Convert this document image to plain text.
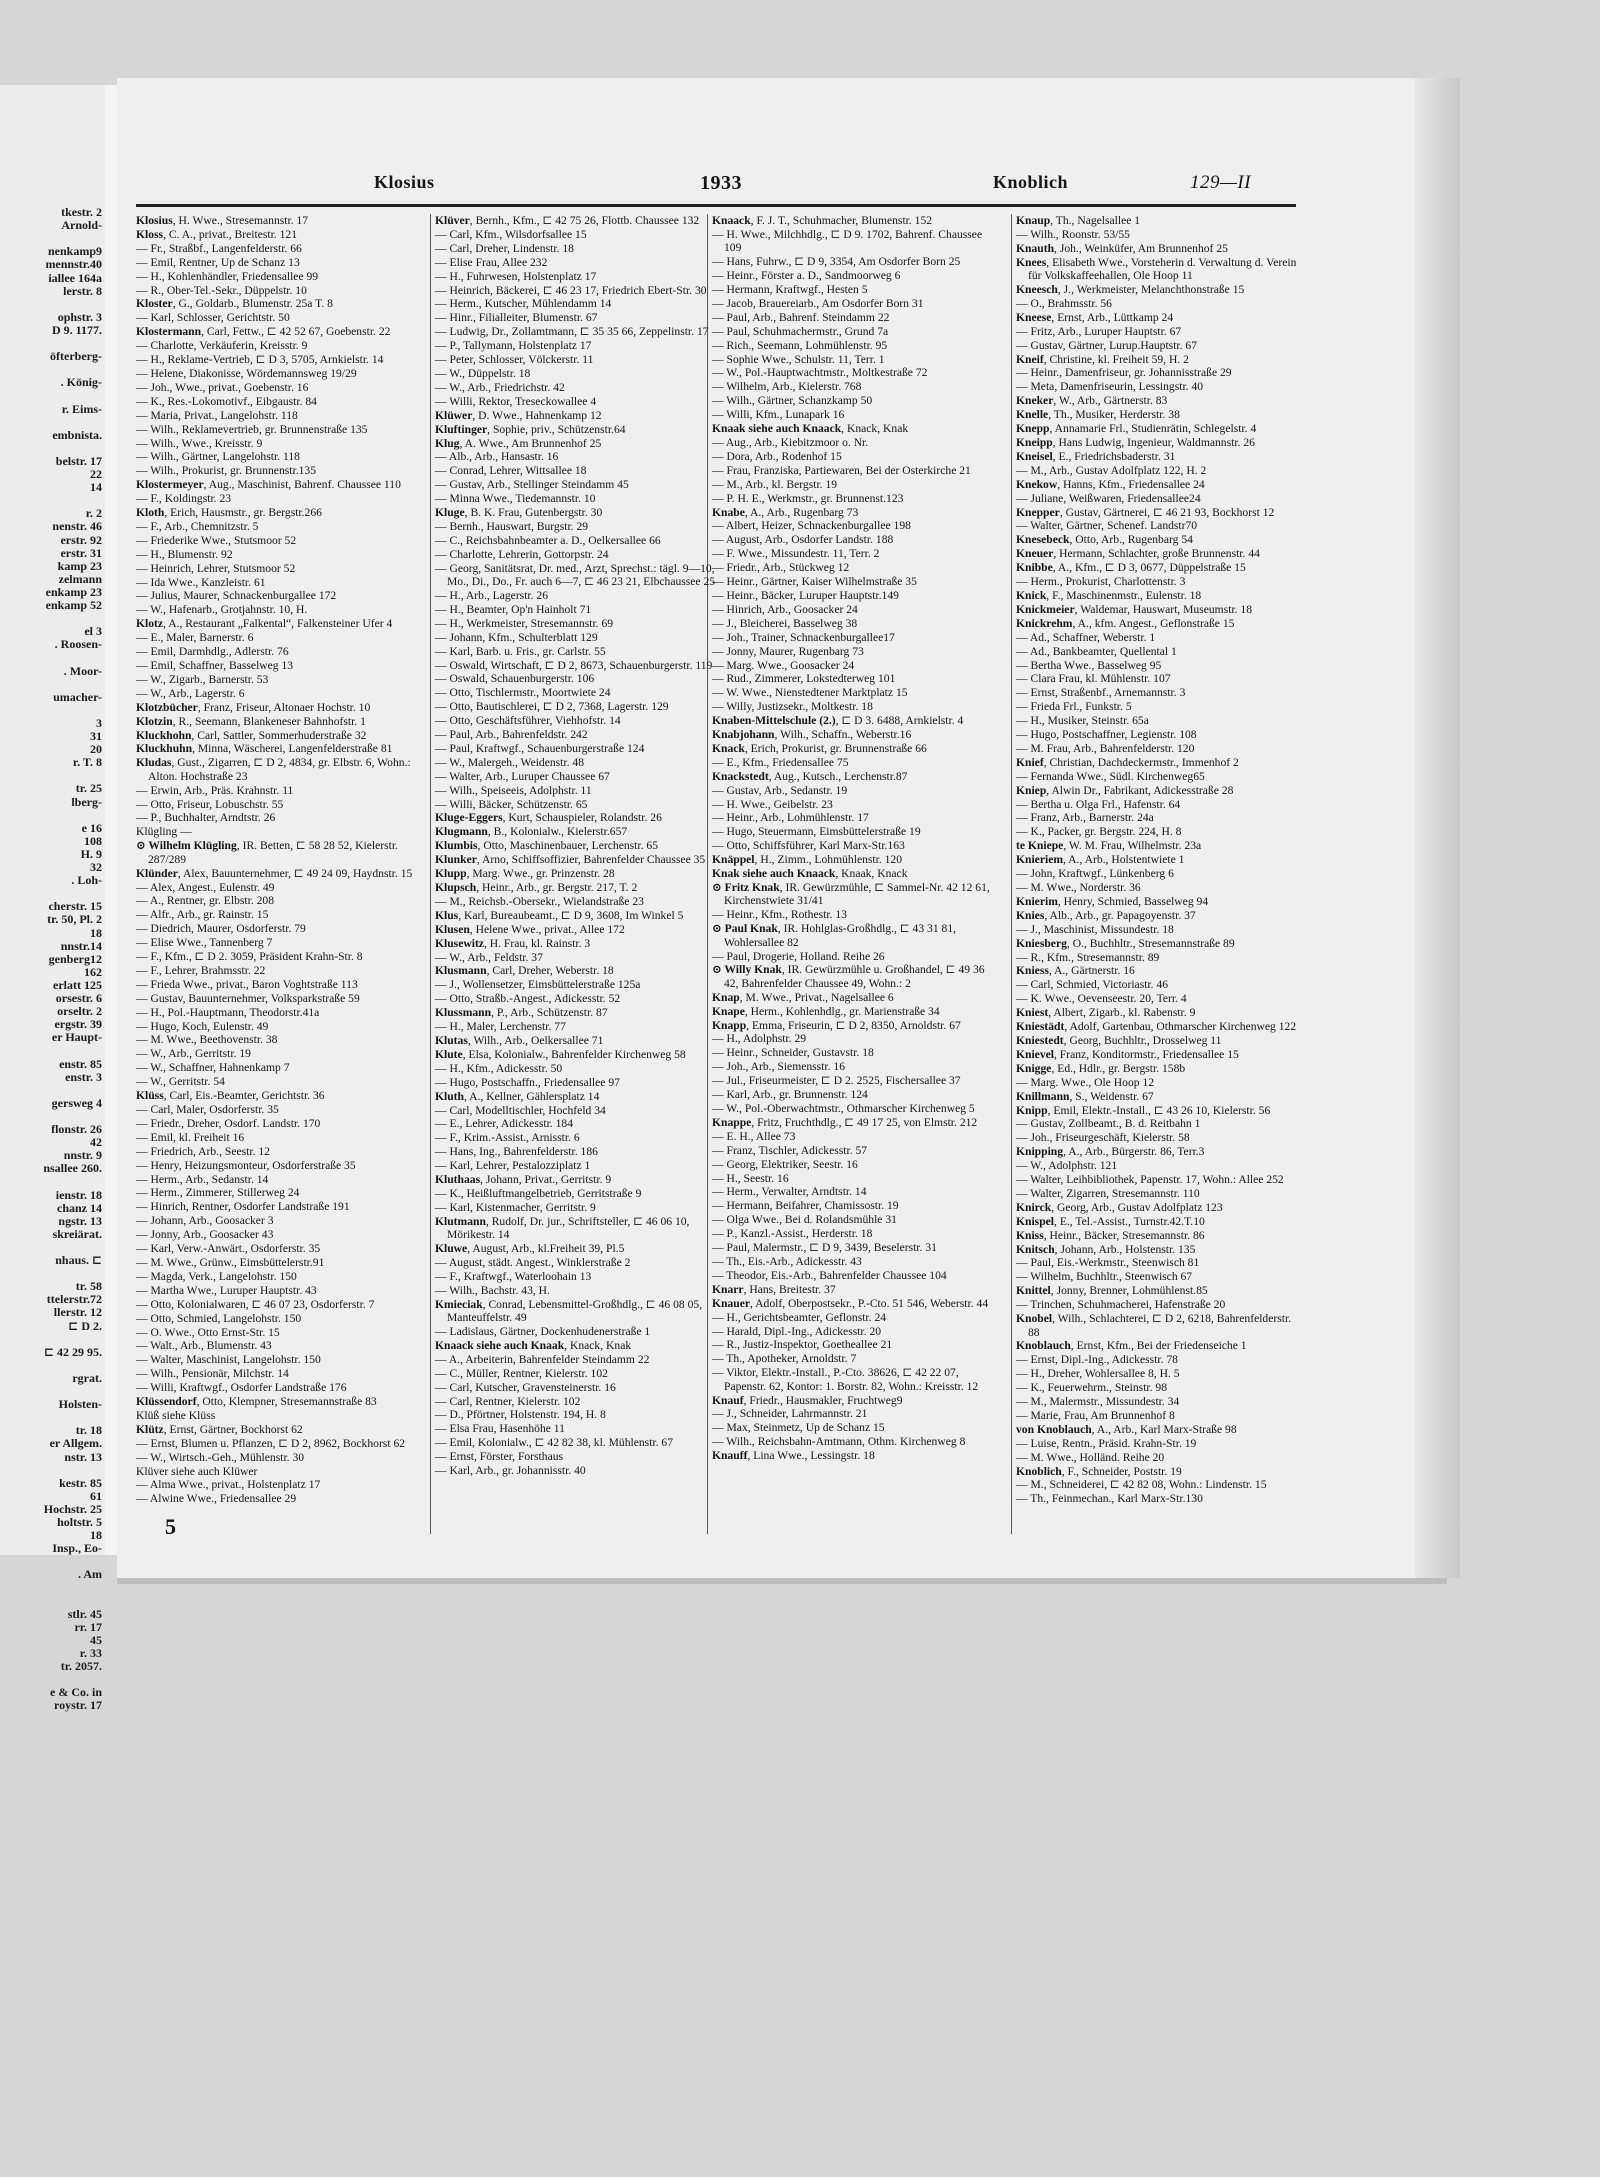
tkestr. 2
Arnold-
nenkamp9
mennstr.40
iallee 164a
lerstr. 8
ophstr. 3
D 9. 1177.
öfterberg-
. König-
r. Eims-
embnista.
belstr. 17
22
14
r. 2
nenstr. 46
erstr. 92
erstr. 31
kamp 23
zelmann
enkamp 23
enkamp 52
el 3
. Roosen-
. Moor-
umacher-
3
31
20
r. T. 8
tr. 25
lberg-
e 16
108
H. 9
32
. Loh-
cherstr. 15
tr. 50, Pl. 2
18
nnstr.14
genberg12
162
erlatt 125
orsestr. 6
orseltr. 2
ergstr. 39
er Haupt-
enstr. 85
enstr. 3
gersweg 4
flonstr. 26
42
nnstr. 9
nsallee 260.
ienstr. 18
chanz 14
ngstr. 13
skreiärat.
nhaus. ⊏
tr. 58
ttelerstr.72
llerstr. 12
⊏ D 2.
⊏ 42 29 95.
rgrat.
Holsten-
tr. 18
er Allgem.
nstr. 13
kestr. 85
61
Hochstr. 25
holtstr. 5
18
Insp., Eo-
. Am
stlr. 45
rr. 17
45
r. 33
tr. 2057.
e & Co. in
roystr. 17
Klosius	1933	Knoblich	129—II
Klosius, H. Wwe., Stresemannstr. 17
Kloss, C. A., privat., Breitestr. 121
— Fr., Straßbf., Langenfelderstr. 66
— Emil, Rentner, Up de Schanz 13
— H., Kohlenhändler, Friedensallee 99
— R., Ober-Tel.-Sekr., Düppelstr. 10
Kloster, G., Goldarb., Blumenstr. 25a T. 8
— Karl, Schlosser, Gerichtstr. 50
Klostermann, Carl, Fettw., ⊏ 42 52 67, Goebenstr. 22
— Charlotte, Verkäuferin, Kreisstr. 9
— H., Reklame-Vertrieb, ⊏ D 3, 5705, Arnkielstr. 14
— Helene, Diakonisse, Wördemannsweg 19/29
— Joh., Wwe., privat., Goebenstr. 16
— K., Res.-Lokomotivf., Eibgaustr. 84
— Maria, Privat., Langelohstr. 118
— Wilh., Reklamevertrieb, gr. Brunnenstraße 135
— Wilh., Wwe., Kreisstr. 9
— Wilh., Gärtner, Langelohstr. 118
— Wilh., Prokurist, gr. Brunnenstr.135
Klostermeyer, Aug., Maschinist, Bahrenf. Chaussee 110
— F., Koldingstr. 23
Kloth, Erich, Hausmstr., gr. Bergstr.266
— F., Arb., Chemnitzstr. 5
— Friederike Wwe., Stutsmoor 52
— H., Blumenstr. 92
— Heinrich, Lehrer, Stutsmoor 52
— Ida Wwe., Kanzleistr. 61
— Julius, Maurer, Schnackenburgallee 172
— W., Hafenarb., Grotjahnstr. 10, H.
Klotz, A., Restaurant „Falkental“, Falkensteiner Ufer 4
— E., Maler, Barnerstr. 6
— Emil, Darmhdlg., Adlerstr. 76
— Emil, Schaffner, Basselweg 13
— W., Zigarb., Barnerstr. 53
— W., Arb., Lagerstr. 6
Klotzbücher, Franz, Friseur, Altonaer Hochstr. 10
Klotzin, R., Seemann, Blankeneser Bahnhofstr. 1
Kluckhohn, Carl, Sattler, Sommerhuderstraße 32
Kluckhuhn, Minna, Wäscherei, Langenfelderstraße 81
Kludas, Gust., Zigarren, ⊏ D 2, 4834, gr. Elbstr. 6, Wohn.: Alton. Hochstraße 23
— Erwin, Arb., Präs. Krahnstr. 11
— Otto, Friseur, Lobuschstr. 55
— P., Buchhalter, Arndtstr. 26
Klügling —
⊙ Wilhelm Klügling, IR. Betten, ⊏ 58 28 52, Kielerstr. 287/289
Klünder, Alex, Bauunternehmer, ⊏ 49 24 09, Haydnstr. 15
— Alex, Angest., Eulenstr. 49
— A., Rentner, gr. Elbstr. 208
— Alfr., Arb., gr. Rainstr. 15
— Diedrich, Maurer, Osdorferstr. 79
— Elise Wwe., Tannenberg 7
— F., Kfm., ⊏ D 2. 3059, Präsident Krahn-Str. 8
— F., Lehrer, Brahmsstr. 22
— Frieda Wwe., privat., Baron Voghtstraße 113
— Gustav, Bauunternehmer, Volksparkstraße 59
— H., Pol.-Hauptmann, Theodorstr.41a
— Hugo, Koch, Eulenstr. 49
— M. Wwe., Beethovenstr. 38
— W., Arb., Gerritstr. 19
— W., Schaffner, Hahnenkamp 7
— W., Gerritstr. 54
Klüss, Carl, Eis.-Beamter, Gerichtstr. 36
— Carl, Maler, Osdorferstr. 35
— Friedr., Dreher, Osdorf. Landstr. 170
— Emil, kl. Freiheit 16
— Friedrich, Arb., Seestr. 12
— Henry, Heizungsmonteur, Osdorferstraße 35
— Herm., Arb., Sedanstr. 14
— Herm., Zimmerer, Stillerweg 24
— Hinrich, Rentner, Osdorfer Landstraße 191
— Johann, Arb., Goosacker 3
— Jonny, Arb., Goosacker 43
— Karl, Verw.-Anwärt., Osdorferstr. 35
— M. Wwe., Grünw., Eimsbüttelerstr.91
— Magda, Verk., Langelohstr. 150
— Martha Wwe., Luruper Hauptstr. 43
— Otto, Kolonialwaren, ⊏ 46 07 23, Osdorferstr. 7
— Otto, Schmied, Langelohstr. 150
— O. Wwe., Otto Ernst-Str. 15
— Walt., Arb., Blumenstr. 43
— Walter, Maschinist, Langelohstr. 150
— Wilh., Pensionär, Milchstr. 14
— Willi, Kraftwgf., Osdorfer Landstraße 176
Klüssendorf, Otto, Klempner, Stresemannstraße 83
Klüß siehe Klüss
Klütz, Ernst, Gärtner, Bockhorst 62
— Ernst, Blumen u. Pflanzen, ⊏ D 2, 8962, Bockhorst 62
— W., Wirtsch.-Geh., Mühlenstr. 30
Klüver siehe auch Klüwer
— Alma Wwe., privat., Holstenplatz 17
— Alwine Wwe., Friedensallee 29
Klüver, Bernh., Kfm., ⊏ 42 75 26, Flottb. Chaussee 132
— Carl, Kfm., Wilsdorfsallee 15
— Carl, Dreher, Lindenstr. 18
— Elise Frau, Allee 232
— H., Fuhrwesen, Holstenplatz 17
— Heinrich, Bäckerei, ⊏ 46 23 17, Friedrich Ebert-Str. 30
— Herm., Kutscher, Mühlendamm 14
— Hinr., Filialleiter, Blumenstr. 67
— Ludwig, Dr., Zollamtmann, ⊏ 35 35 66, Zeppelinstr. 17
— P., Tallymann, Holstenplatz 17
— Peter, Schlosser, Völckerstr. 11
— W., Düppelstr. 18
— W., Arb., Friedrichstr. 42
— Willi, Rektor, Treseckowallee 4
Klüwer, D. Wwe., Hahnenkamp 12
Kluftinger, Sophie, priv., Schützenstr.64
Klug, A. Wwe., Am Brunnenhof 25
— Alb., Arb., Hansastr. 16
— Conrad, Lehrer, Wittsallee 18
— Gustav, Arb., Stellinger Steindamm 45
— Minna Wwe., Tiedemannstr. 10
Kluge, B. K. Frau, Gutenbergstr. 30
— Bernh., Hauswart, Burgstr. 29
— C., Reichsbahnbeamter a. D., Oelkersallee 66
— Charlotte, Lehrerin, Gottorpstr. 24
— Georg, Sanitätsrat, Dr. med., Arzt, Sprechst.: tägl. 9—10, Mo., Di., Do., Fr. auch 6—7, ⊏ 46 23 21, Elbchaussee 25
— H., Arb., Lagerstr. 26
— H., Beamter, Op'n Hainholt 71
— H., Werkmeister, Stresemannstr. 69
— Johann, Kfm., Schulterblatt 129
— Karl, Barb. u. Fris., gr. Carlstr. 55
— Oswald, Wirtschaft, ⊏ D 2, 8673, Schauenburgerstr. 119
— Oswald, Schauenburgerstr. 106
— Otto, Tischlermstr., Moortwiete 24
— Otto, Bautischlerei, ⊏ D 2, 7368, Lagerstr. 129
— Otto, Geschäftsführer, Viehhofstr. 14
— Paul, Arb., Bahrenfeldstr. 242
— Paul, Kraftwgf., Schauenburgerstraße 124
— W., Malergeh., Weidenstr. 48
— Walter, Arb., Luruper Chaussee 67
— Wilh., Speiseeis, Adolphstr. 11
— Willi, Bäcker, Schützenstr. 65
Kluge-Eggers, Kurt, Schauspieler, Rolandstr. 26
Klugmann, B., Kolonialw., Kielerstr.657
Klumbis, Otto, Maschinenbauer, Lerchenstr. 65
Klunker, Arno, Schiffsoffizier, Bahrenfelder Chaussee 35
Klupp, Marg. Wwe., gr. Prinzenstr. 28
Klupsch, Heinr., Arb., gr. Bergstr. 217, T. 2
— M., Reichsb.-Obersekr., Wielandstraße 23
Klus, Karl, Bureaubeamt., ⊏ D 9, 3608, Im Winkel 5
Klusen, Helene Wwe., privat., Allee 172
Klusewitz, H. Frau, kl. Rainstr. 3
— W., Arb., Feldstr. 37
Klusmann, Carl, Dreher, Weberstr. 18
— J., Wollensetzer, Eimsbüttelerstraße 125a
— Otto, Straßb.-Angest., Adickesstr. 52
Klussmann, P., Arb., Schützenstr. 87
— H., Maler, Lerchenstr. 77
Klutas, Wilh., Arb., Oelkersallee 71
Klute, Elsa, Kolonialw., Bahrenfelder Kirchenweg 58
— H., Kfm., Adickesstr. 50
— Hugo, Postschaffn., Friedensallee 97
Kluth, A., Kellner, Gählersplatz 14
— Carl, Modelltischler, Hochfeld 34
— E., Lehrer, Adickesstr. 184
— F., Krim.-Assist., Arnisstr. 6
— Hans, Ing., Bahrenfelderstr. 186
— Karl, Lehrer, Pestalozziplatz 1
Kluthaas, Johann, Privat., Gerritstr. 9
— K., Heißluftmangelbetrieb, Gerritstraße 9
— Karl, Kistenmacher, Gerritstr. 9
Klutmann, Rudolf, Dr. jur., Schriftsteller, ⊏ 46 06 10, Mörikestr. 14
Kluwe, August, Arb., kl.Freiheit 39, Pl.5
— August, städt. Angest., Winklerstraße 2
— F., Kraftwgf., Waterloohain 13
— Wilh., Bachstr. 43, H.
Kmieciak, Conrad, Lebensmittel-Großhdlg., ⊏ 46 08 05, Manteuffelstr. 49
— Ladislaus, Gärtner, Dockenhudenerstraße 1
Knaack siehe auch Knaak, Knack, Knak
— A., Arbeiterin, Bahrenfelder Steindamm 22
— C., Müller, Rentner, Kielerstr. 102
— Carl, Kutscher, Gravensteinerstr. 16
— Carl, Rentner, Kielerstr. 102
— D., Pförtner, Holstenstr. 194, H. 8
— Elsa Frau, Hasenhöhe 11
— Emil, Kolonialw., ⊏ 42 82 38, kl. Mühlenstr. 67
— Ernst, Förster, Forsthaus
— Karl, Arb., gr. Johannisstr. 40
Knaack, F. J. T., Schuhmacher, Blumenstr. 152
— H. Wwe., Milchhdlg., ⊏ D 9. 1702, Bahrenf. Chaussee 109
— Hans, Fuhrw., ⊏ D 9, 3354, Am Osdorfer Born 25
— Heinr., Förster a. D., Sandmoorweg 6
— Hermann, Kraftwgf., Hesten 5
— Jacob, Brauereiarb., Am Osdorfer Born 31
— Paul, Arb., Bahrenf. Steindamm 22
— Paul, Schuhmachermstr., Grund 7a
— Rich., Seemann, Lohmühlenstr. 95
— Sophie Wwe., Schulstr. 11, Terr. 1
— W., Pol.-Hauptwachtmstr., Moltkestraße 72
— Wilhelm, Arb., Kielerstr. 768
— Wilh., Gärtner, Schanzkamp 50
— Willi, Kfm., Lunapark 16
Knaak siehe auch Knaack, Knack, Knak
— Aug., Arb., Kiebitzmoor o. Nr.
— Dora, Arb., Rodenhof 15
— Frau, Franziska, Partiewaren, Bei der Osterkirche 21
— M., Arb., kl. Bergstr. 19
— P. H. E., Werkmstr., gr. Brunnenst.123
Knabe, A., Arb., Rugenbarg 73
— Albert, Heizer, Schnackenburgallee 198
— August, Arb., Osdorfer Landstr. 188
— F. Wwe., Missundestr. 11, Terr. 2
— Friedr., Arb., Stückweg 12
— Heinr., Gärtner, Kaiser Wilhelmstraße 35
— Heinr., Bäcker, Luruper Hauptstr.149
— Hinrich, Arb., Goosacker 24
— J., Bleicherei, Basselweg 38
— Joh., Trainer, Schnackenburgallee17
— Jonny, Maurer, Rugenbarg 73
— Marg. Wwe., Goosacker 24
— Rud., Zimmerer, Lokstedterweg 101
— W. Wwe., Nienstedtener Marktplatz 15
— Willy, Justizsekr., Moltkestr. 18
Knaben-Mittelschule (2.), ⊏ D 3. 6488, Arnkielstr. 4
Knabjohann, Wilh., Schaffn., Weberstr.16
Knack, Erich, Prokurist, gr. Brunnenstraße 66
— E., Kfm., Friedensallee 75
Knackstedt, Aug., Kutsch., Lerchenstr.87
— Gustav, Arb., Sedanstr. 19
— H. Wwe., Geibelstr. 23
— Heinr., Arb., Lohmühlenstr. 17
— Hugo, Steuermann, Eimsbüttelerstraße 19
— Otto, Schiffsführer, Karl Marx-Str.163
Knäppel, H., Zimm., Lohmühlenstr. 120
Knak siehe auch Knaack, Knaak, Knack
⊙ Fritz Knak, IR. Gewürzmühle, ⊏ Sammel-Nr. 42 12 61, Kirchenstwiete 31/41
— Heinr., Kfm., Rothestr. 13
⊙ Paul Knak, IR. Hohlglas-Großhdlg., ⊏ 43 31 81, Wohlersallee 82
— Paul, Drogerie, Holland. Reihe 26
⊙ Willy Knak, IR. Gewürzmühle u. Großhandel, ⊏ 49 36 42, Bahrenfelder Chaussee 49, Wohn.: 2
Knap, M. Wwe., Privat., Nagelsallee 6
Knape, Herm., Kohlenhdlg., gr. Marienstraße 34
Knapp, Emma, Friseurin, ⊏ D 2, 8350, Arnoldstr. 67
— H., Adolphstr. 29
— Heinr., Schneider, Gustavstr. 18
— Joh., Arb., Siemensstr. 16
— Jul., Friseurmeister, ⊏ D 2. 2525, Fischersallee 37
— Karl, Arb., gr. Brunnenstr. 124
— W., Pol.-Oberwachtmstr., Othmarscher Kirchenweg 5
Knappe, Fritz, Fruchthdlg., ⊏ 49 17 25, von Elmstr. 212
— E. H., Allee 73
— Franz, Tischler, Adickesstr. 57
— Georg, Elektriker, Seestr. 16
— H., Seestr. 16
— Herm., Verwalter, Arndtstr. 14
— Hermann, Beifahrer, Chamissostr. 19
— Olga Wwe., Bei d. Rolandsmühle 31
— P., Kanzl.-Assist., Herderstr. 18
— Paul, Malermstr., ⊏ D 9, 3439, Beselerstr. 31
— Th., Eis.-Arb., Adickesstr. 43
— Theodor, Eis.-Arb., Bahrenfelder Chaussee 104
Knarr, Hans, Breitestr. 37
Knauer, Adolf, Oberpostsekr., P.-Cto. 51 546, Weberstr. 44
— H., Gerichtsbeamter, Geflonstr. 24
— Harald, Dipl.-Ing., Adickesstr. 20
— R., Justiz-Inspektor, Goetheallee 21
— Th., Apotheker, Arnoldstr. 7
— Viktor, Elektr.-Install., P.-Cto. 38626, ⊏ 42 22 07, Papenstr. 62, Kontor: 1. Borstr. 82, Wohn.: Kreisstr. 12
Knauf, Friedr., Hausmakler, Fruchtweg9
— J., Schneider, Lahrmannstr. 21
— Max, Steinmetz, Up de Schanz 15
— Wilh., Reichsbahn-Amtmann, Othm. Kirchenweg 8
Knauff, Lina Wwe., Lessingstr. 18
Knaup, Th., Nagelsallee 1
— Wilh., Roonstr. 53/55
Knauth, Joh., Weinküfer, Am Brunnenhof 25
Knees, Elisabeth Wwe., Vorsteherin d. Verwaltung d. Verein für Volkskaffeehallen, Ole Hoop 11
Kneesch, J., Werkmeister, Melanchthonstraße 15
— O., Brahmsstr. 56
Kneese, Ernst, Arb., Lüttkamp 24
— Fritz, Arb., Luruper Hauptstr. 67
— Gustav, Gärtner, Lurup.Hauptstr. 67
Kneif, Christine, kl. Freiheit 59, H. 2
— Heinr., Damenfriseur, gr. Johannisstraße 29
— Meta, Damenfriseurin, Lessingstr. 40
Kneker, W., Arb., Gärtnerstr. 83
Knelle, Th., Musiker, Herderstr. 38
Knepp, Annamarie Frl., Studienrätin, Schlegelstr. 4
Kneipp, Hans Ludwig, Ingenieur, Waldmannstr. 26
Kneisel, E., Friedrichsbaderstr. 31
— M., Arb., Gustav Adolfplatz 122, H. 2
Knekow, Hanns, Kfm., Friedensallee 24
— Juliane, Weißwaren, Friedensallee24
Knepper, Gustav, Gärtnerei, ⊏ 46 21 93, Bockhorst 12
— Walter, Gärtner, Schenef. Landstr70
Knesebeck, Otto, Arb., Rugenbarg 54
Kneuer, Hermann, Schlachter, große Brunnenstr. 44
Knibbe, A., Kfm., ⊏ D 3, 0677, Düppelstraße 15
— Herm., Prokurist, Charlottenstr. 3
Knick, F., Maschinenmstr., Eulenstr. 18
Knickmeier, Waldemar, Hauswart, Museumstr. 18
Knickrehm, A., kfm. Angest., Geflonstraße 15
— Ad., Schaffner, Weberstr. 1
— Ad., Bankbeamter, Quellental 1
— Bertha Wwe., Basselweg 95
— Clara Frau, kl. Mühlenstr. 107
— Ernst, Straßenbf., Arnemannstr. 3
— Frieda Frl., Funkstr. 5
— H., Musiker, Steinstr. 65a
— Hugo, Postschaffner, Legienstr. 108
— M. Frau, Arb., Bahrenfelderstr. 120
Knief, Christian, Dachdeckermstr., Immenhof 2
— Fernanda Wwe., Südl. Kirchenweg65
Kniep, Alwin Dr., Fabrikant, Adickesstraße 28
— Bertha u. Olga Frl., Hafenstr. 64
— Franz, Arb., Barnerstr. 24a
— K., Packer, gr. Bergstr. 224, H. 8
te Kniepe, W. M. Frau, Wilhelmstr. 23a
Knieriem, A., Arb., Holstentwiete 1
— John, Kraftwgf., Lünkenberg 6
— M. Wwe., Norderstr. 36
Knierim, Henry, Schmied, Basselweg 94
Knies, Alb., Arb., gr. Papagoyenstr. 37
— J., Maschinist, Missundestr. 18
Kniesberg, O., Buchhltr., Stresemannstraße 89
— R., Kfm., Stresemannstr. 89
Kniess, A., Gärtnerstr. 16
— Carl, Schmied, Victoriastr. 46
— K. Wwe., Oevenseestr. 20, Terr. 4
Kniest, Albert, Zigarb., kl. Rabenstr. 9
Kniestädt, Adolf, Gartenbau, Othmarscher Kirchenweg 122
Kniestedt, Georg, Buchhltr., Drosselweg 11
Knievel, Franz, Konditormstr., Friedensallee 15
Knigge, Ed., Hdlr., gr. Bergstr. 158b
— Marg. Wwe., Ole Hoop 12
Knillmann, S., Weidenstr. 67
Knipp, Emil, Elektr.-Install., ⊏ 43 26 10, Kielerstr. 56
— Gustav, Zollbeamt., B. d. Reitbahn 1
— Joh., Friseurgeschäft, Kielerstr. 58
Knipping, A., Arb., Bürgerstr. 86, Terr.3
— W., Adolphstr. 121
— Walter, Leihbibliothek, Papenstr. 17, Wohn.: Allee 252
— Walter, Zigarren, Stresemannstr. 110
Knirck, Georg, Arb., Gustav Adolfplatz 123
Knispel, E., Tel.-Assist., Turnstr.42.T.10
Kniss, Heinr., Bäcker, Stresemannstr. 86
Knitsch, Johann, Arb., Holstenstr. 135
— Paul, Eis.-Werkmstr., Steenwisch 81
— Wilhelm, Buchhltr., Steenwisch 67
Knittel, Jonny, Brenner, Lohmühlenst.85
— Trinchen, Schuhmacherei, Hafenstraße 20
Knobel, Wilh., Schlachterei, ⊏ D 2, 6218, Bahrenfelderstr. 88
Knoblauch, Ernst, Kfm., Bei der Friedenseiche 1
— Ernst, Dipl.-Ing., Adickesstr. 78
— H., Dreher, Wohlersallee 8, H. 5
— K., Feuerwehrm., Steinstr. 98
— M., Malermstr., Missundestr. 34
— Marie, Frau, Am Brunnenhof 8
von Knoblauch, A., Arb., Karl Marx-Straße 98
— Luise, Rentn., Präsid. Krahn-Str. 19
— M. Wwe., Holländ. Reihe 20
Knoblich, F., Schneider, Poststr. 19
— M., Schneiderei, ⊏ 42 82 08, Wohn.: Lindenstr. 15
— Th., Feinmechan., Karl Marx-Str.130
5
